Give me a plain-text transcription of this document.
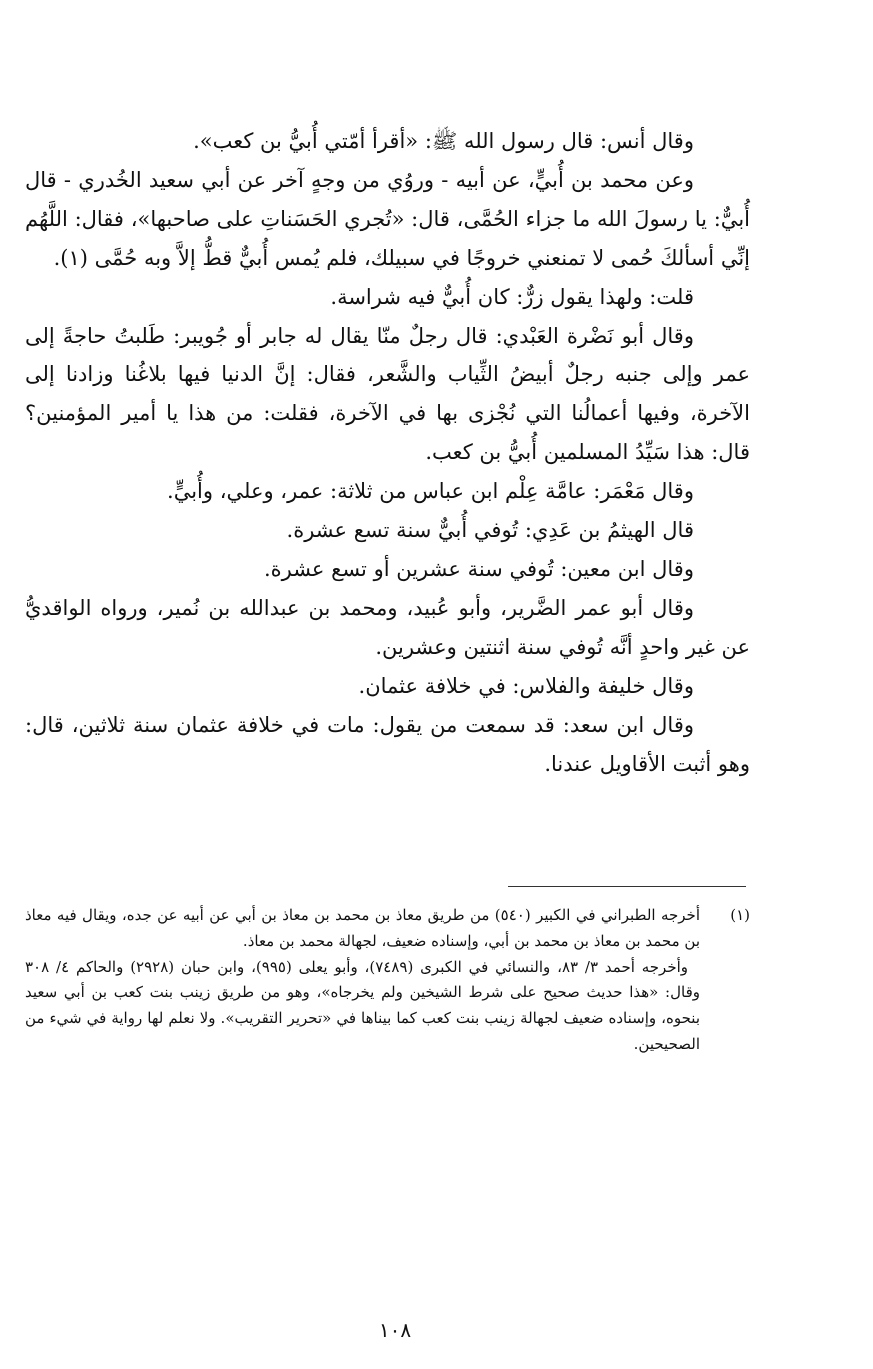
وقال أنس: قال رسول الله ﷺ: «أقرأ أمّتي أُبيُّ بن كعب».

وعن محمد بن أُبيٍّ، عن أبيه - وروُي من وجهٍ آخر عن أبي سعيد الخُدري - قال أُبيٌّ: يا رسولَ الله ما جزاء الحُمَّى، قال: «تُجري الحَسَناتِ على صاحبها»، فقال: اللَّهُم إنِّي أسألكَ حُمى لا تمنعني خروجًا في سبيلك، فلم يُمس أُبيٌّ قطُّ إلاَّ وبه حُمَّى (١).

قلت: ولهذا يقول زرٌّ: كان أُبيٌّ فيه شراسة.

وقال أبو نَضْرة العَبْدي: قال رجلٌ منّا يقال له جابر أو جُويبر: طَلبتُ حاجةً إلى عمر وإلى جنبه رجلٌ أبيضُ الثِّياب والشَّعر، فقال: إنَّ الدنيا فيها بلاغُنا وزادنا إلى الآخرة، وفيها أعمالُنا التي نُجْزى بها في الآخرة، فقلت: من هذا يا أمير المؤمنين؟ قال: هذا سَيِّدُ المسلمين أُبيُّ بن كعب.

وقال مَعْمَر: عامَّة عِلْم ابن عباس من ثلاثة: عمر، وعلي، وأُبيٍّ.

قال الهيثمُ بن عَدِي: تُوفي أُبيٌّ سنة تسع عشرة.

وقال ابن معين: تُوفي سنة عشرين أو تسع عشرة.

وقال أبو عمر الضَّرير، وأبو عُبيد، ومحمد بن عبدالله بن نُمير، ورواه الواقديُّ عن غير واحدٍ أنَّه تُوفي سنة اثنتين وعشرين.

وقال خليفة والفلاس: في خلافة عثمان.

وقال ابن سعد: قد سمعت من يقول: مات في خلافة عثمان سنة ثلاثين، قال: وهو أثبت الأقاويل عندنا.

(١)
أخرجه الطبراني في الكبير (٥٤٠) من طريق معاذ بن محمد بن معاذ بن أبي عن أبيه عن جده، ويقال فيه معاذ بن محمد بن معاذ بن محمد بن أبي، وإسناده ضعيف، لجهالة محمد بن معاذ.

وأخرجه أحمد ٣/ ٨٣، والنسائي في الكبرى (٧٤٨٩)، وأبو يعلى (٩٩٥)، وابن حبان (٢٩٢٨) والحاكم ٤/ ٣٠٨ وقال: «هذا حديث صحيح على شرط الشيخين ولم يخرجاه»، وهو من طريق زينب بنت كعب بن أبي سعيد بنحوه، وإسناده ضعيف لجهالة زينب بنت كعب كما بيناها في «تحرير التقريب». ولا نعلم لها رواية في شيء من الصحيحين.

١٠٨
